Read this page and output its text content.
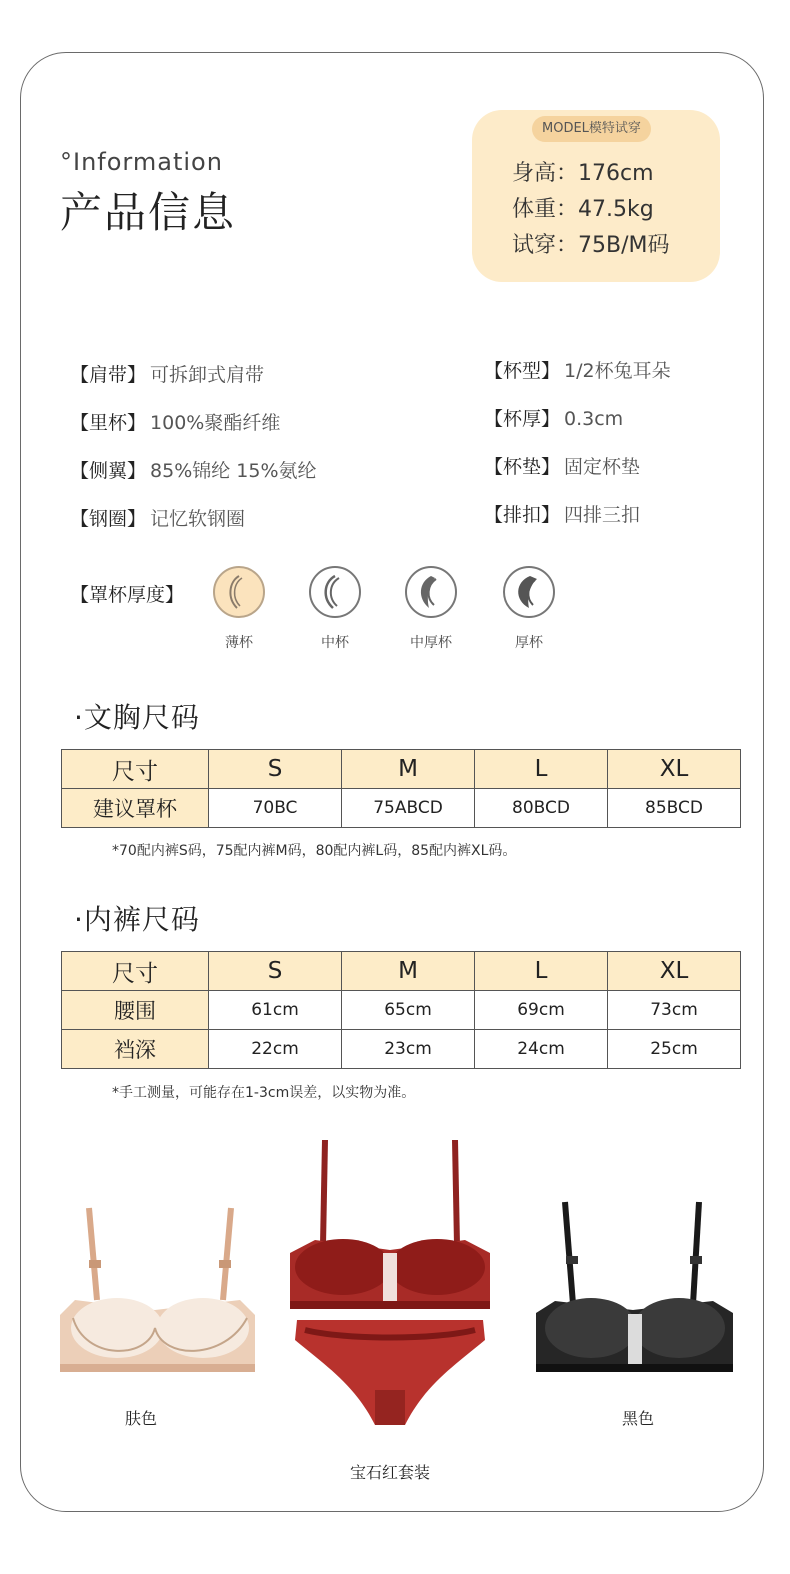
°Information
产品信息
MODEL模特试穿
身高：176cm
体重：47.5kg
试穿：75B/M码
【肩带】 可拆卸式肩带
【里杯】 100%聚酯纤维
【侧翼】 85%锦纶 15%氨纶
【钢圈】 记忆软钢圈
【杯型】 1/2杯兔耳朵
【杯厚】 0.3cm
【杯垫】 固定杯垫
【排扣】 四排三扣
【罩杯厚度】
薄杯	中杯	中厚杯	厚杯
·文胸尺码
尺寸	S	M	L	XL
建议罩杯	70BC	75ABCD	80BCD	85BCD
*70配内裤S码，75配内裤M码，80配内裤L码，85配内裤XL码。
·内裤尺码
尺寸	S	M	L	XL
腰围	61cm	65cm	69cm	73cm
裆深	22cm	23cm	24cm	25cm
*手工测量，可能存在1-3cm误差，以实物为准。
肤色
宝石红套装
黑色
